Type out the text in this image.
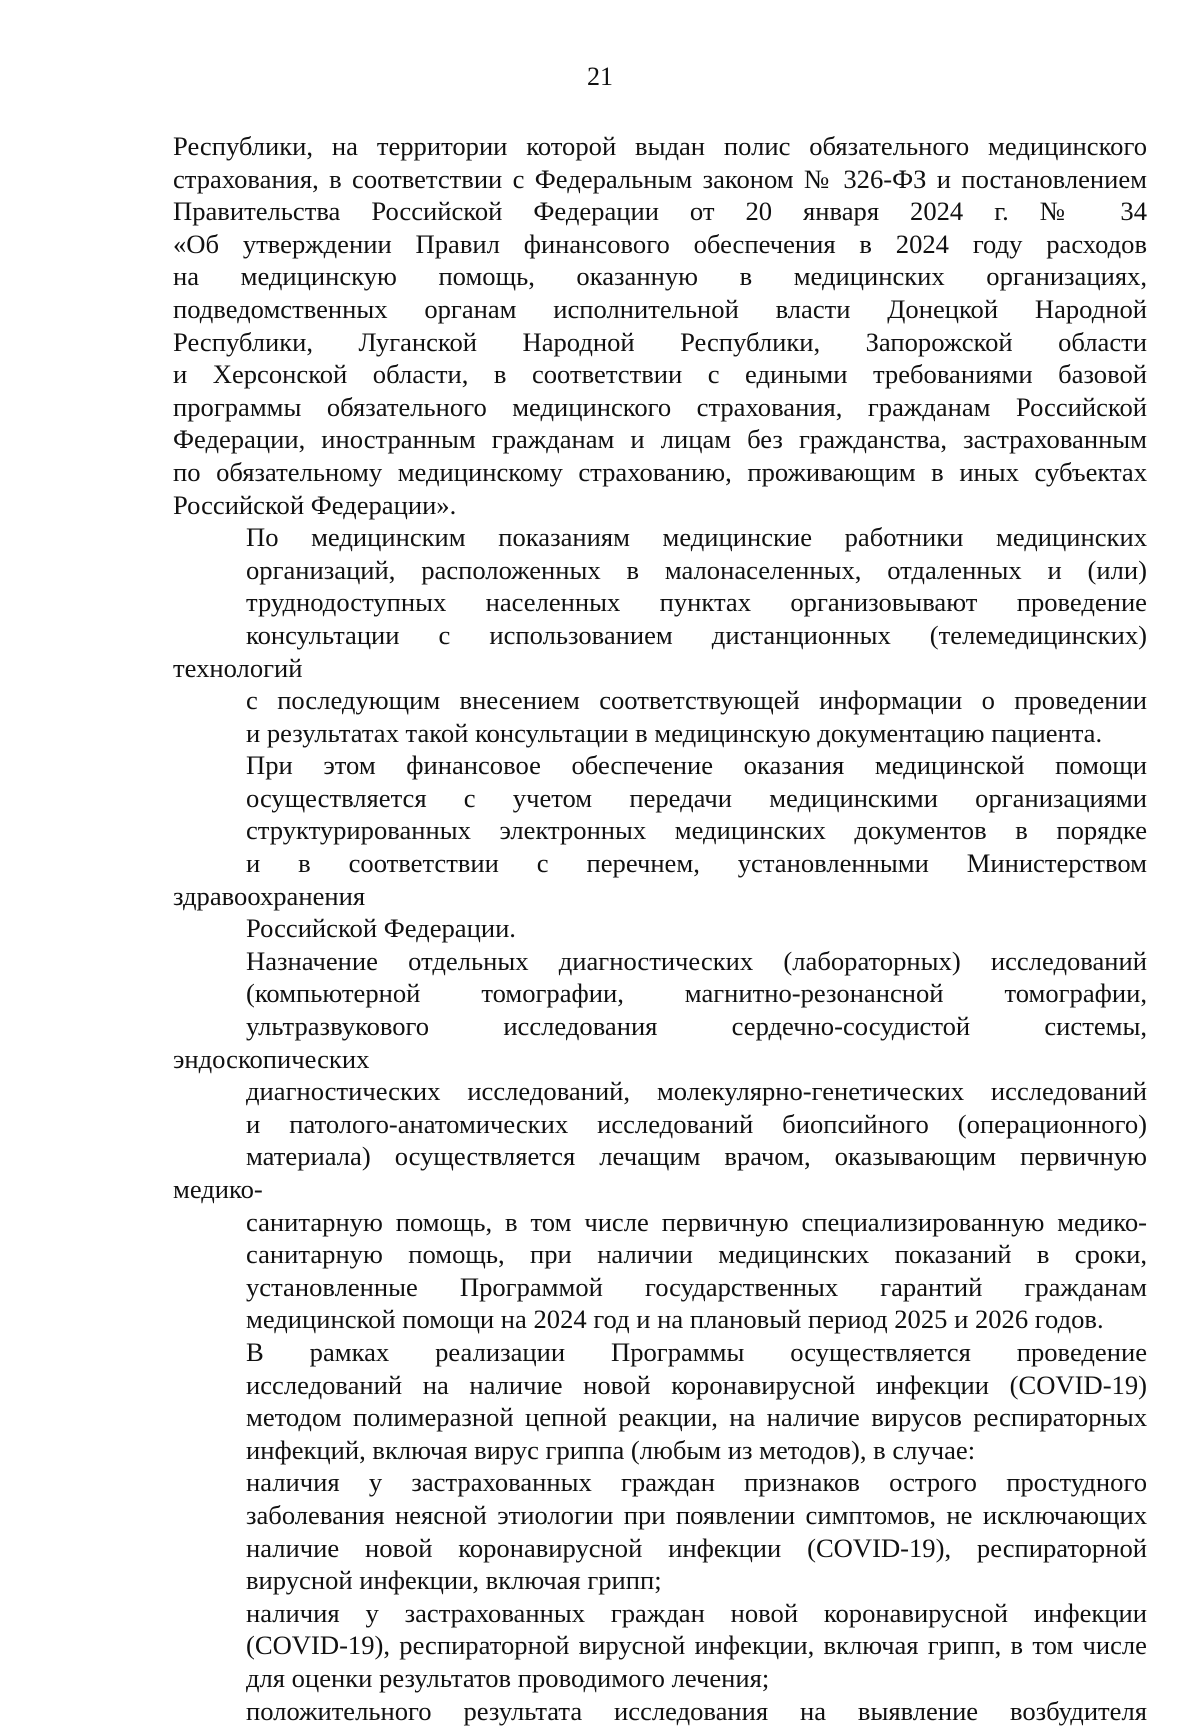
21

Республики, на территории которой выдан полис обязательного медицинского
страхования, в соответствии с Федеральным законом № 326-ФЗ и постановлением
Правительства Российской Федерации от 20 января 2024 г. № 34
«Об утверждении Правил финансового обеспечения в 2024 году расходов
на медицинскую помощь, оказанную в медицинских организациях,
подведомственных органам исполнительной власти Донецкой Народной
Республики, Луганской Народной Республики, Запорожской области
и Херсонской области, в соответствии с едиными требованиями базовой
программы обязательного медицинского страхования, гражданам Российской
Федерации, иностранным гражданам и лицам без гражданства, застрахованным
по обязательному медицинскому страхованию, проживающим в иных субъектах
Российской Федерации».

По медицинским показаниям медицинские работники медицинских
организаций, расположенных в малонаселенных, отдаленных и (или)
труднодоступных населенных пунктах организовывают проведение
консультации с использованием дистанционных (телемедицинских) технологий
с последующим внесением соответствующей информации о проведении
и результатах такой консультации в медицинскую документацию пациента.

При этом финансовое обеспечение оказания медицинской помощи
осуществляется с учетом передачи медицинскими организациями
структурированных электронных медицинских документов в порядке
и в соответствии с перечнем, установленными Министерством здравоохранения
Российской Федерации.

Назначение отдельных диагностических (лабораторных) исследований
(компьютерной томографии, магнитно-резонансной томографии,
ультразвукового исследования сердечно-сосудистой системы, эндоскопических
диагностических исследований, молекулярно-генетических исследований
и патолого-анатомических исследований биопсийного (операционного)
материала) осуществляется лечащим врачом, оказывающим первичную медико-
санитарную помощь, в том числе первичную специализированную медико-
санитарную помощь, при наличии медицинских показаний в сроки,
установленные Программой государственных гарантий гражданам
медицинской помощи на 2024 год и на плановый период 2025 и 2026 годов.

В рамках реализации Программы осуществляется проведение
исследований на наличие новой коронавирусной инфекции (COVID-19)
методом полимеразной цепной реакции, на наличие вирусов респираторных
инфекций, включая вирус гриппа (любым из методов), в случае:

наличия у застрахованных граждан признаков острого простудного
заболевания неясной этиологии при появлении симптомов, не исключающих
наличие новой коронавирусной инфекции (COVID-19), респираторной
вирусной инфекции, включая грипп;

наличия у застрахованных граждан новой коронавирусной инфекции
(COVID-19), респираторной вирусной инфекции, включая грипп, в том числе
для оценки результатов проводимого лечения;

положительного результата исследования на выявление возбудителя
